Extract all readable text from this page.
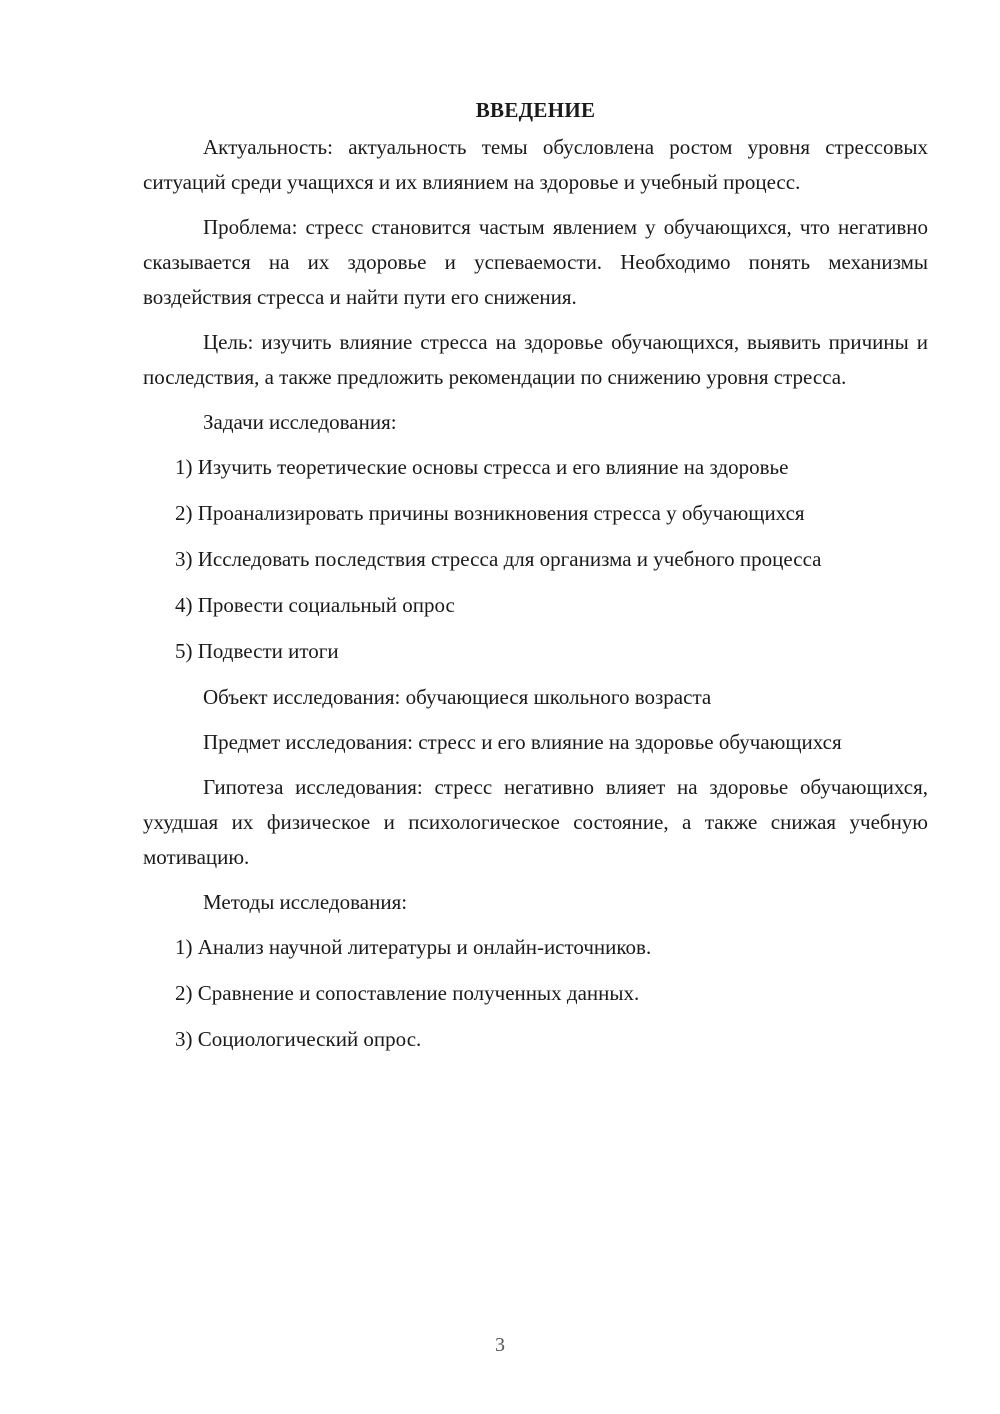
ВВЕДЕНИЕ

Актуальность: актуальность темы обусловлена ростом уровня стрессовых ситуаций среди учащихся и их влиянием на здоровье и учебный процесс.

Проблема: стресс становится частым явлением у обучающихся, что негативно сказывается на их здоровье и успеваемости. Необходимо понять механизмы воздействия стресса и найти пути его снижения.

Цель: изучить влияние стресса на здоровье обучающихся, выявить причины и последствия, а также предложить рекомендации по снижению уровня стресса.

Задачи исследования:

1) Изучить теоретические основы стресса и его влияние на здоровье

2) Проанализировать причины возникновения стресса у обучающихся

3) Исследовать последствия стресса для организма и учебного процесса

4) Провести социальный опрос

5) Подвести итоги

Объект исследования: обучающиеся школьного возраста

Предмет исследования: стресс и его влияние на здоровье обучающихся

Гипотеза исследования: стресс негативно влияет на здоровье обучающихся, ухудшая их физическое и психологическое состояние, а также снижая учебную мотивацию.

Методы исследования:

1) Анализ научной литературы и онлайн-источников.

2) Сравнение и сопоставление полученных данных.

3) Социологический опрос.

3
